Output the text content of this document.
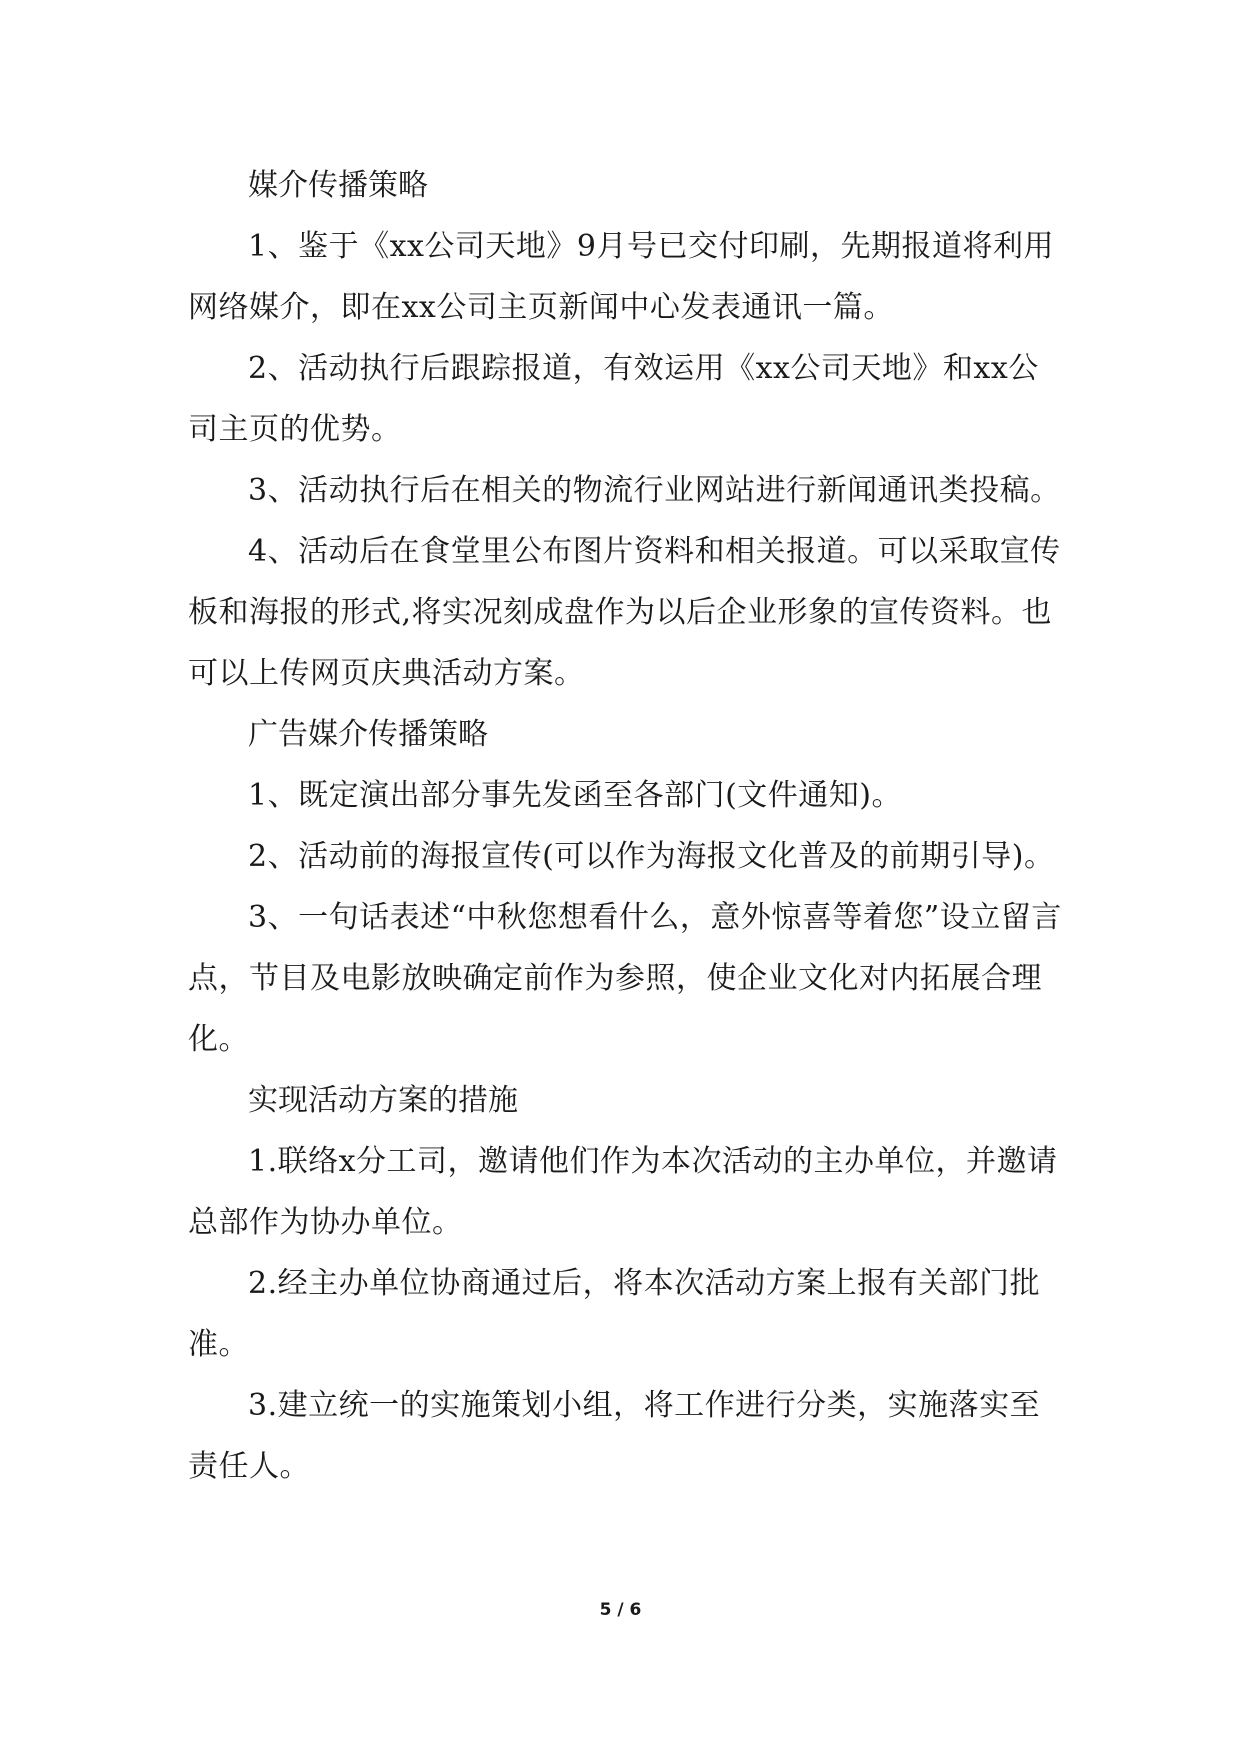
媒介传播策略

1、鉴于《xx公司天地》9月号已交付印刷，先期报道将利用网络媒介，即在xx公司主页新闻中心发表通讯一篇。

2、活动执行后跟踪报道，有效运用《xx公司天地》和xx公司主页的优势。

3、活动执行后在相关的物流行业网站进行新闻通讯类投稿。

4、活动后在食堂里公布图片资料和相关报道。可以采取宣传板和海报的形式,将实况刻成盘作为以后企业形象的宣传资料。也可以上传网页庆典活动方案。

广告媒介传播策略

1、既定演出部分事先发函至各部门(文件通知)。

2、活动前的海报宣传(可以作为海报文化普及的前期引导)。

3、一句话表述“中秋您想看什么，意外惊喜等着您”设立留言点，节目及电影放映确定前作为参照，使企业文化对内拓展合理化。

实现活动方案的措施

1.联络x分工司，邀请他们作为本次活动的主办单位，并邀请总部作为协办单位。

2.经主办单位协商通过后，将本次活动方案上报有关部门批准。

3.建立统一的实施策划小组，将工作进行分类，实施落实至责任人。

5 / 6
